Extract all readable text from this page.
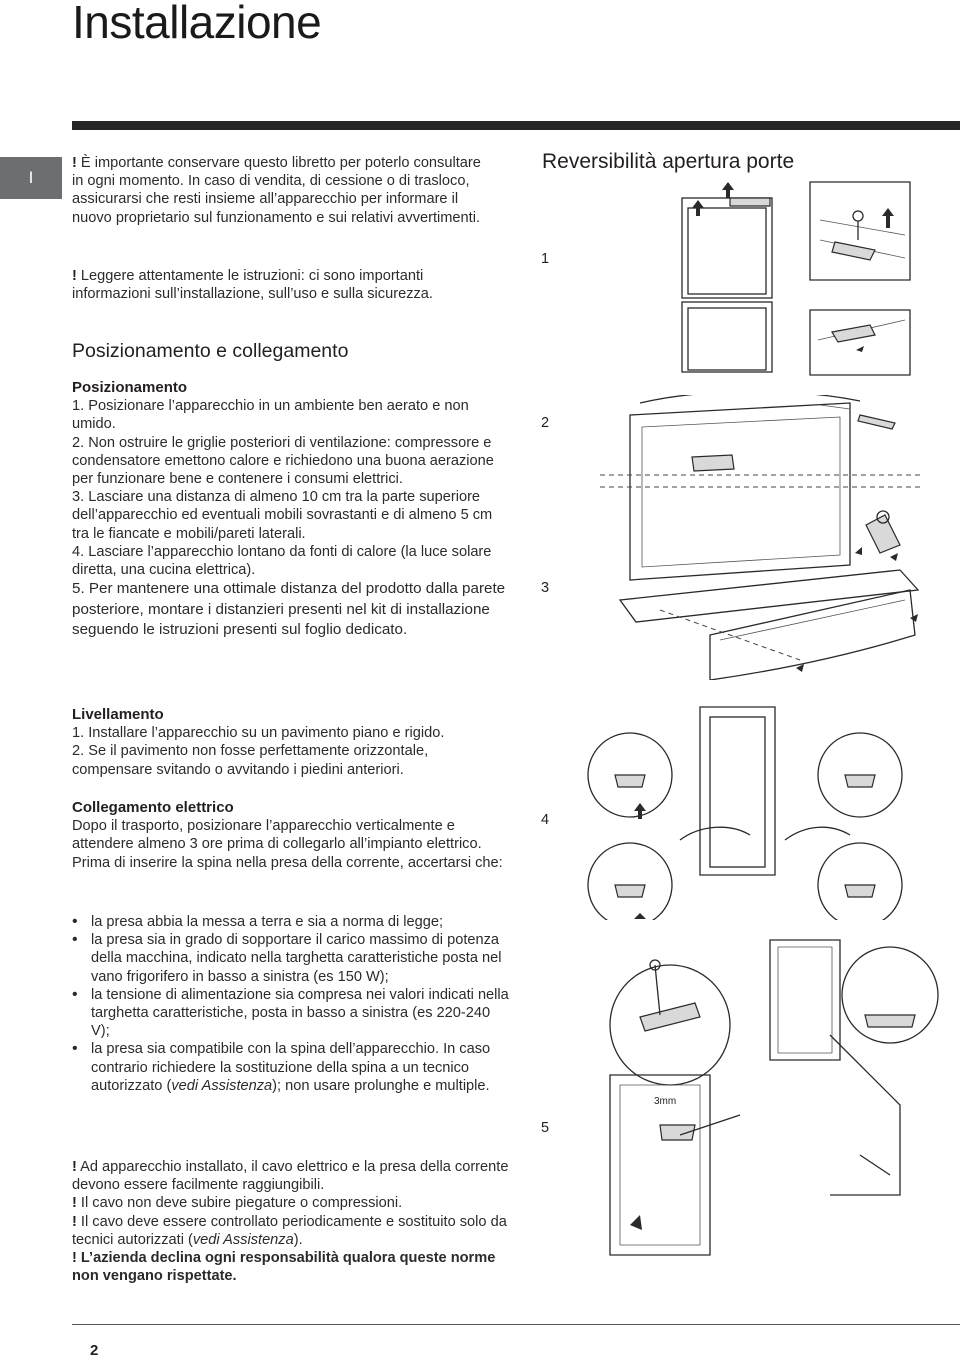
Installazione
I

! È importante conservare questo libretto per poterlo consultare in ogni momento. In caso di vendita, di cessione o di trasloco, assicurarsi che resti insieme all’apparecchio per informare il nuovo proprietario sul funzionamento e sui relativi avvertimenti.

! Leggere attentamente le istruzioni: ci sono importanti informazioni sull’installazione, sull’uso e sulla sicurezza.

Posizionamento e collegamento
Posizionamento

1. Posizionare l’apparecchio in un ambiente ben aerato e non umido.

2. Non ostruire le griglie posteriori di ventilazione: compressore e condensatore emettono calore e richiedono una buona aerazione per funzionare bene e contenere i consumi elettrici.

3. Lasciare una distanza di almeno 10 cm tra la parte superiore dell’apparecchio ed eventuali mobili sovrastanti e di almeno 5 cm tra le fiancate e mobili/pareti laterali.

4. Lasciare l’apparecchio lontano da fonti di calore (la luce solare diretta, una cucina elettrica).

5. Per mantenere una ottimale distanza del prodotto dalla parete posteriore, montare i distanzieri presenti nel kit di installazione seguendo le istruzioni presenti sul foglio dedicato.

Livellamento

1. Installare l’apparecchio su un pavimento piano e rigido.

2. Se il pavimento non fosse perfettamente orizzontale, compensare svitando o avvitando i piedini anteriori.

Collegamento elettrico

Dopo il trasporto, posizionare l’apparecchio verticalmente e attendere almeno 3 ore prima di collegarlo all’impianto elettrico. Prima di inserire la spina nella presa della corrente, accertarsi che:

• la presa abbia la messa a terra e sia a norma di legge;
• la presa sia in grado di sopportare il carico massimo di potenza della macchina, indicato nella targhetta caratteristiche posta nel vano frigorifero in basso a sinistra (es 150 W);
• la tensione di alimentazione sia compresa nei valori indicati nella targhetta caratteristiche, posta in basso a sinistra (es 220-240 V);
• la presa sia compatibile con la spina dell’apparecchio. In caso contrario richiedere la sostituzione della spina a un tecnico autorizzato (vedi Assistenza); non usare prolunghe e multiple.

! Ad apparecchio installato, il cavo elettrico e la presa della corrente devono essere facilmente raggiungibili.

! Il cavo non deve subire piegature o compressioni.

! Il cavo deve essere controllato periodicamente e sostituito solo da tecnici autorizzati (vedi Assistenza).

! L’azienda declina ogni responsabilità qualora queste norme non vengano rispettate.

2
Reversibilità apertura porte
1
2
3
4
5
3mm
